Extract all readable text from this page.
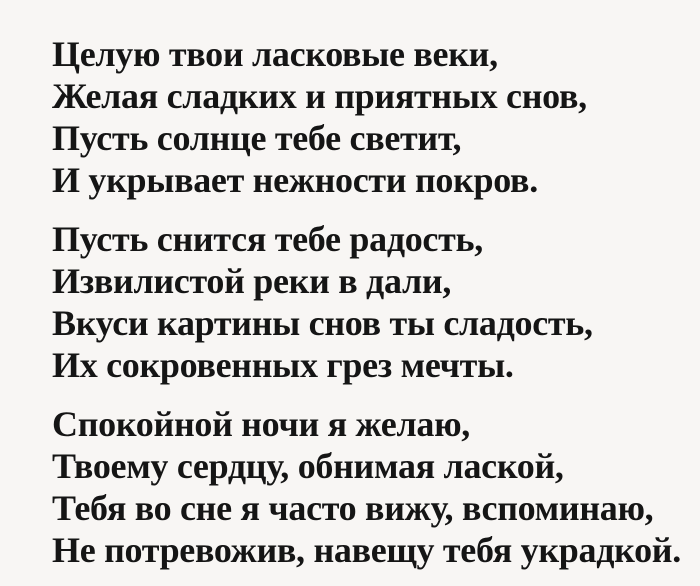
Целую твои ласковые веки,
Желая сладких и приятных снов,
Пусть солнце тебе светит,
И укрывает нежности покров.
Пусть снится тебе радость,
Извилистой реки в дали,
Вкуси картины снов ты сладость,
Их сокровенных грез мечты.
Спокойной ночи я желаю,
Твоему сердцу, обнимая лаской,
Тебя во сне я часто вижу, вспоминаю,
Не потревожив, навещу тебя украдкой.
